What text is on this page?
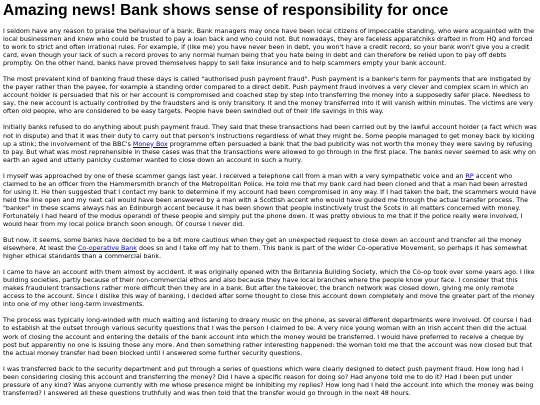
Amazing news! Bank shows sense of responsibility for once

I seldom have any reason to praise the behaviour of a bank. Bank managers may once have been local citizens of impeccable standing, who were acquainted with the local businessmen and knew who could be trusted to pay a loan back and who could not. But nowadays, they are faceless apparatchiks drafted in from HQ and forced to work to strict and often irrational rules. For example, if (like me) you have never been in debt, you won't have a credit record, so your bank won't give you a credit card, even though your lack of such a record proves to any normal human being that you hate being in debt and can therefore be relied upon to pay off debts promptly. On the other hand, banks have proved themselves happy to sell fake insurance and to help scammers empty your bank account.

The most prevalent kind of banking fraud these days is called "authorised push payment fraud". Push payment is a banker's term for payments that are instigated by the payer rather than the payee, for example a standing order compared to a direct debit. Push payment fraud involves a very clever and complex scam in which an account holder is persuaded that his or her account is compromised and coached step by step into transferring the money into a supposedly safer place. Needless to say, the new account is actually controlled by the fraudsters and is only transitory. It and the money transferred into it will vanish within minutes. The victims are very often old people, who are considered to be easy targets. People have been swindled out of their life savings in this way.

Initially banks refused to do anything about push payment fraud. They said that these transactions had been carried out by the lawful account holder (a fact which was not in dispute) and that it was their duty to carry out that person's instructions regardless of what they might be. Some people managed to get money back by kicking up a stink; the involvement of the BBC's Money Box programme often persuaded a bank that the bad publicity was not worth the money they were saving by refusing to pay. But what was most reprehensible in these cases was that the transactions were allowed to go through in the first place. The banks never seemed to ask why on earth an aged and utterly panicky customer wanted to close down an account in such a hurry.

I myself was approached by one of these scammer gangs last year. I received a telephone call from a man with a very sympathetic voice and an RP accent who claimed to be an officer from the Hammersmith branch of the Metropolitan Police. He told me that my bank card had been cloned and that a man had been arrested for using it. He then suggested that I contact my bank to determine if my account had been compromised in any way. If I had taken the bait, the scammers would have held the line open and my next call would have been answered by a man with a Scottish accent who would have guided me through the actual transfer process. The "banker" in these scams always has an Edinburgh accent because it has been shown that people instinctively trust the Scots in all matters concerned with money. Fortunately I had heard of the modus operandi of these people and simply put the phone down. It was pretty obvious to me that if the police really were involved, I would hear from my local police branch soon enough. Of course I never did.

But now, it seems, some banks have decided to be a bit more cautious when they get an unexpected request to close down an account and transfer all the money elsewhere. At least the Co-operative Bank does so and I take off my hat to them. This bank is part of the wider Co-operative Movement, so perhaps it has somewhat higher ethical standards than a commercial bank.

I came to have an account with them almost by accident. It was originally opened with the Britannia Building Society, which the Co-op took over some years ago. I like building societies, partly because of their non-commercial ethos and also because they have local branches where the people know your face. I consider that this makes fraudulent transactions rather more difficult then they are in a bank. But after the takeover, the branch network was closed down, giving me only remote access to the account. Since I dislike this way of banking, I decided after some thought to close this account down completely and move the greater part of the money into one of my other long-term investments.

The process was typically long-winded with much waiting and listening to dreary music on the phone, as several different departments were involved. Of course I had to establish at the outset through various security questions that I was the person I claimed to be. A very nice young woman with an Irish accent then did the actual work of closing the account and entering the details of the bank account into which the money would be transferred. I would have preferred to receive a cheque by post but apparently no one is issuing those any more. And then something rather interesting happened: the woman told me that the account was now closed but that the actual money transfer had been blocked until I answered some further security questions.

I was transferred back to the security department and put through a series of questions which were clearly designed to detect push payment fraud. How long had I been considering closing this account and transferring the money? Did I have a specific reason for doing so? Had anyone told me to do it? Had I been put under pressure of any kind? Was anyone currently with me whose presence might be inhibiting my replies? How long had I held the account into which the money was being transferred? I answered all these questions truthfully and was then told that the transfer would go through in the next 48 hours.
